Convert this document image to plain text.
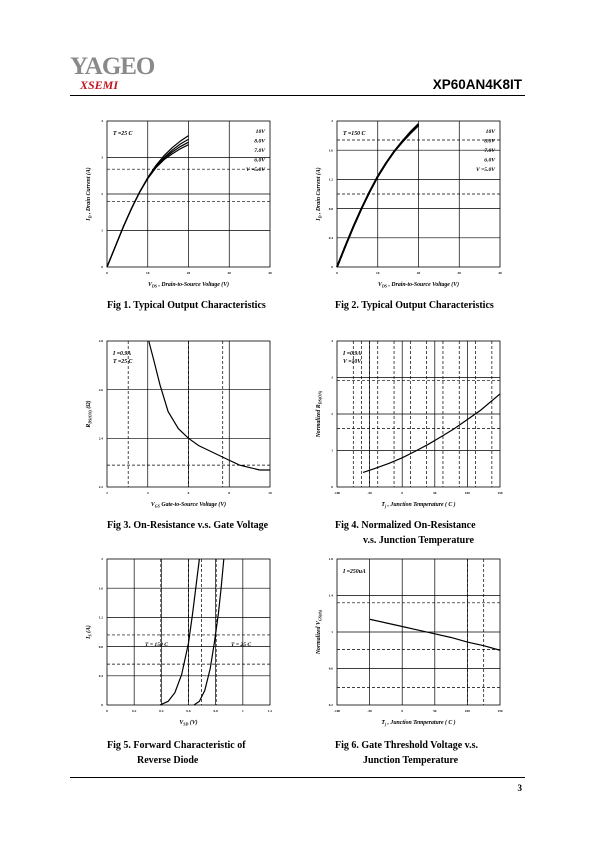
YAGEO
XSEMI	XP60AN4K8IT
0	10	20	30	40
0
1
2
3
4
$V_{DS}$ , Drain-to-Source Voltage (V)
$I_D$ , Drain Current (A)
T =25 C	10V
8.0V
7.0V
6.0V
V =5.0V
0	10	20	30	40
0
0.4
0.8
1.2
1.6
2
$V_{DS}$ , Drain-to-Source Voltage (V)
$I_D$ , Drain Current (A)
T =150 C	10V
8.0V
7.0V
6.0V
V =5.0V
2	4	6	8	10
2.2
2.4
2.6
2.8
$V_{GS}$ Gate-to-Source Voltage (V)
$R_{DS(ON)}$ (Ω)
I =0.9A
T =25 C
-100	-50	0	50	100	150
0
1
2
3
4
$T_j$ , Junction Temperature ( C )
Normalized $R_{DS(ON)}$
I =0.9A
V =10V
0	0.2	0.4	0.6	0.8	1	1.2
0
0.4
0.8
1.2
1.6
2
$V_{SD}$ (V)
$I_S$ (A)
T = 150 C	T = 25 C
-100	-50	0	50	100	150
0.2
0.6
1
1.4
1.8
$T_j$ , Junction Temperature ( C )
Normalized $V_{GS(th)}$
I =250uA
Fig 1. Typical Output Characteristics	Fig 2. Typical Output Characteristics
Fig 3. On-Resistance v.s. Gate Voltage	Fig 4. Normalized On-Resistance
v.s. Junction Temperature
Fig 5. Forward Characteristic of
Reverse Diode
Fig 6. Gate Threshold Voltage v.s.
Junction Temperature
3
